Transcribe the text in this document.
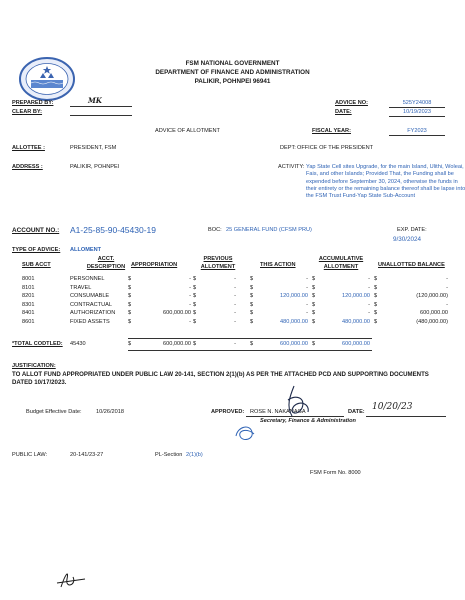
FSM NATIONAL GOVERNMENT
DEPARTMENT OF FINANCE AND ADMINISTRATION
PALIKIR, POHNPEI 96941
PREPARED BY:	MK
CLEAR BY:
ADVICE NO:	525Y24008
DATE:	10/19/2023
ADVICE OF ALLOTMENT	FISCAL YEAR:	FY2023
ALLOTTEE :	PRESIDENT, FSM	DEPT: OFFICE OF THE PRESIDENT
ADDRESS :	PALIKIR, POHNPEI	ACTIVITY: Yap State Cell sites Upgrade, for the main Island, Ulithi, Woleai, Fais, and other Islands; Provided That, the Funding shall be expended before September 30, 2024, otherwise the funds in their entirety or the remaining balance thereof shall be lapse into the FSM Trust Fund-Yap State Sub-Account
ACCOUNT NO.: A1-25-85-90-45430-19	BOC: 25 GENERAL FUND (CFSM PRU)	EXP. DATE:
9/30/2024
TYPE OF ADVICE: ALLOMENT
SUB ACCT
ACCT.
DESCRIPTION APPROPRIATION
PREVIOUS
ALLOTMENT	THIS ACTION
ACCUMULATIVE
ALLOTMENT	UNALLOTTED BALANCE
8001	PERSONNEL	$	- $	-	$	- $	- $	-
8101	TRAVEL	$	- $	-	$	- $	- $	-
8201	CONSUMABLE	$	- $	-	$	120,000.00 $	120,000.00 $	(120,000.00)
8301	CONTRACTUAL	$	- $	-	$	- $	- $	-
8401	AUTHORIZATION	$	600,000.00 $	-	$	- $	- $	600,000.00
8601	FIXED ASSETS	$	- $	-	$	480,000.00 $	480,000.00 $	(480,000.00)
*TOTAL CODTLED: 45430	$	600,000.00 $	-	$	600,000.00 $	600,000.00
JUSTIFICATION:
TO ALLOT FUND APPROPRIATED UNDER PUBLIC LAW 20-141, SECTION 2(1)(b) AS PER THE ATTACHED PCD AND SUPPORTING DOCUMENTS DATED 10/17/2023.
Budget Effective Date:	10/26/2018	APPROVED: ROSE N. NAKANAGA
Secretary, Finance & Administration
DATE: 10/20/23
PUBLIC LAW:	20-141/23-27	PL-Section 2(1)(b)
FSM Form No. 8000
